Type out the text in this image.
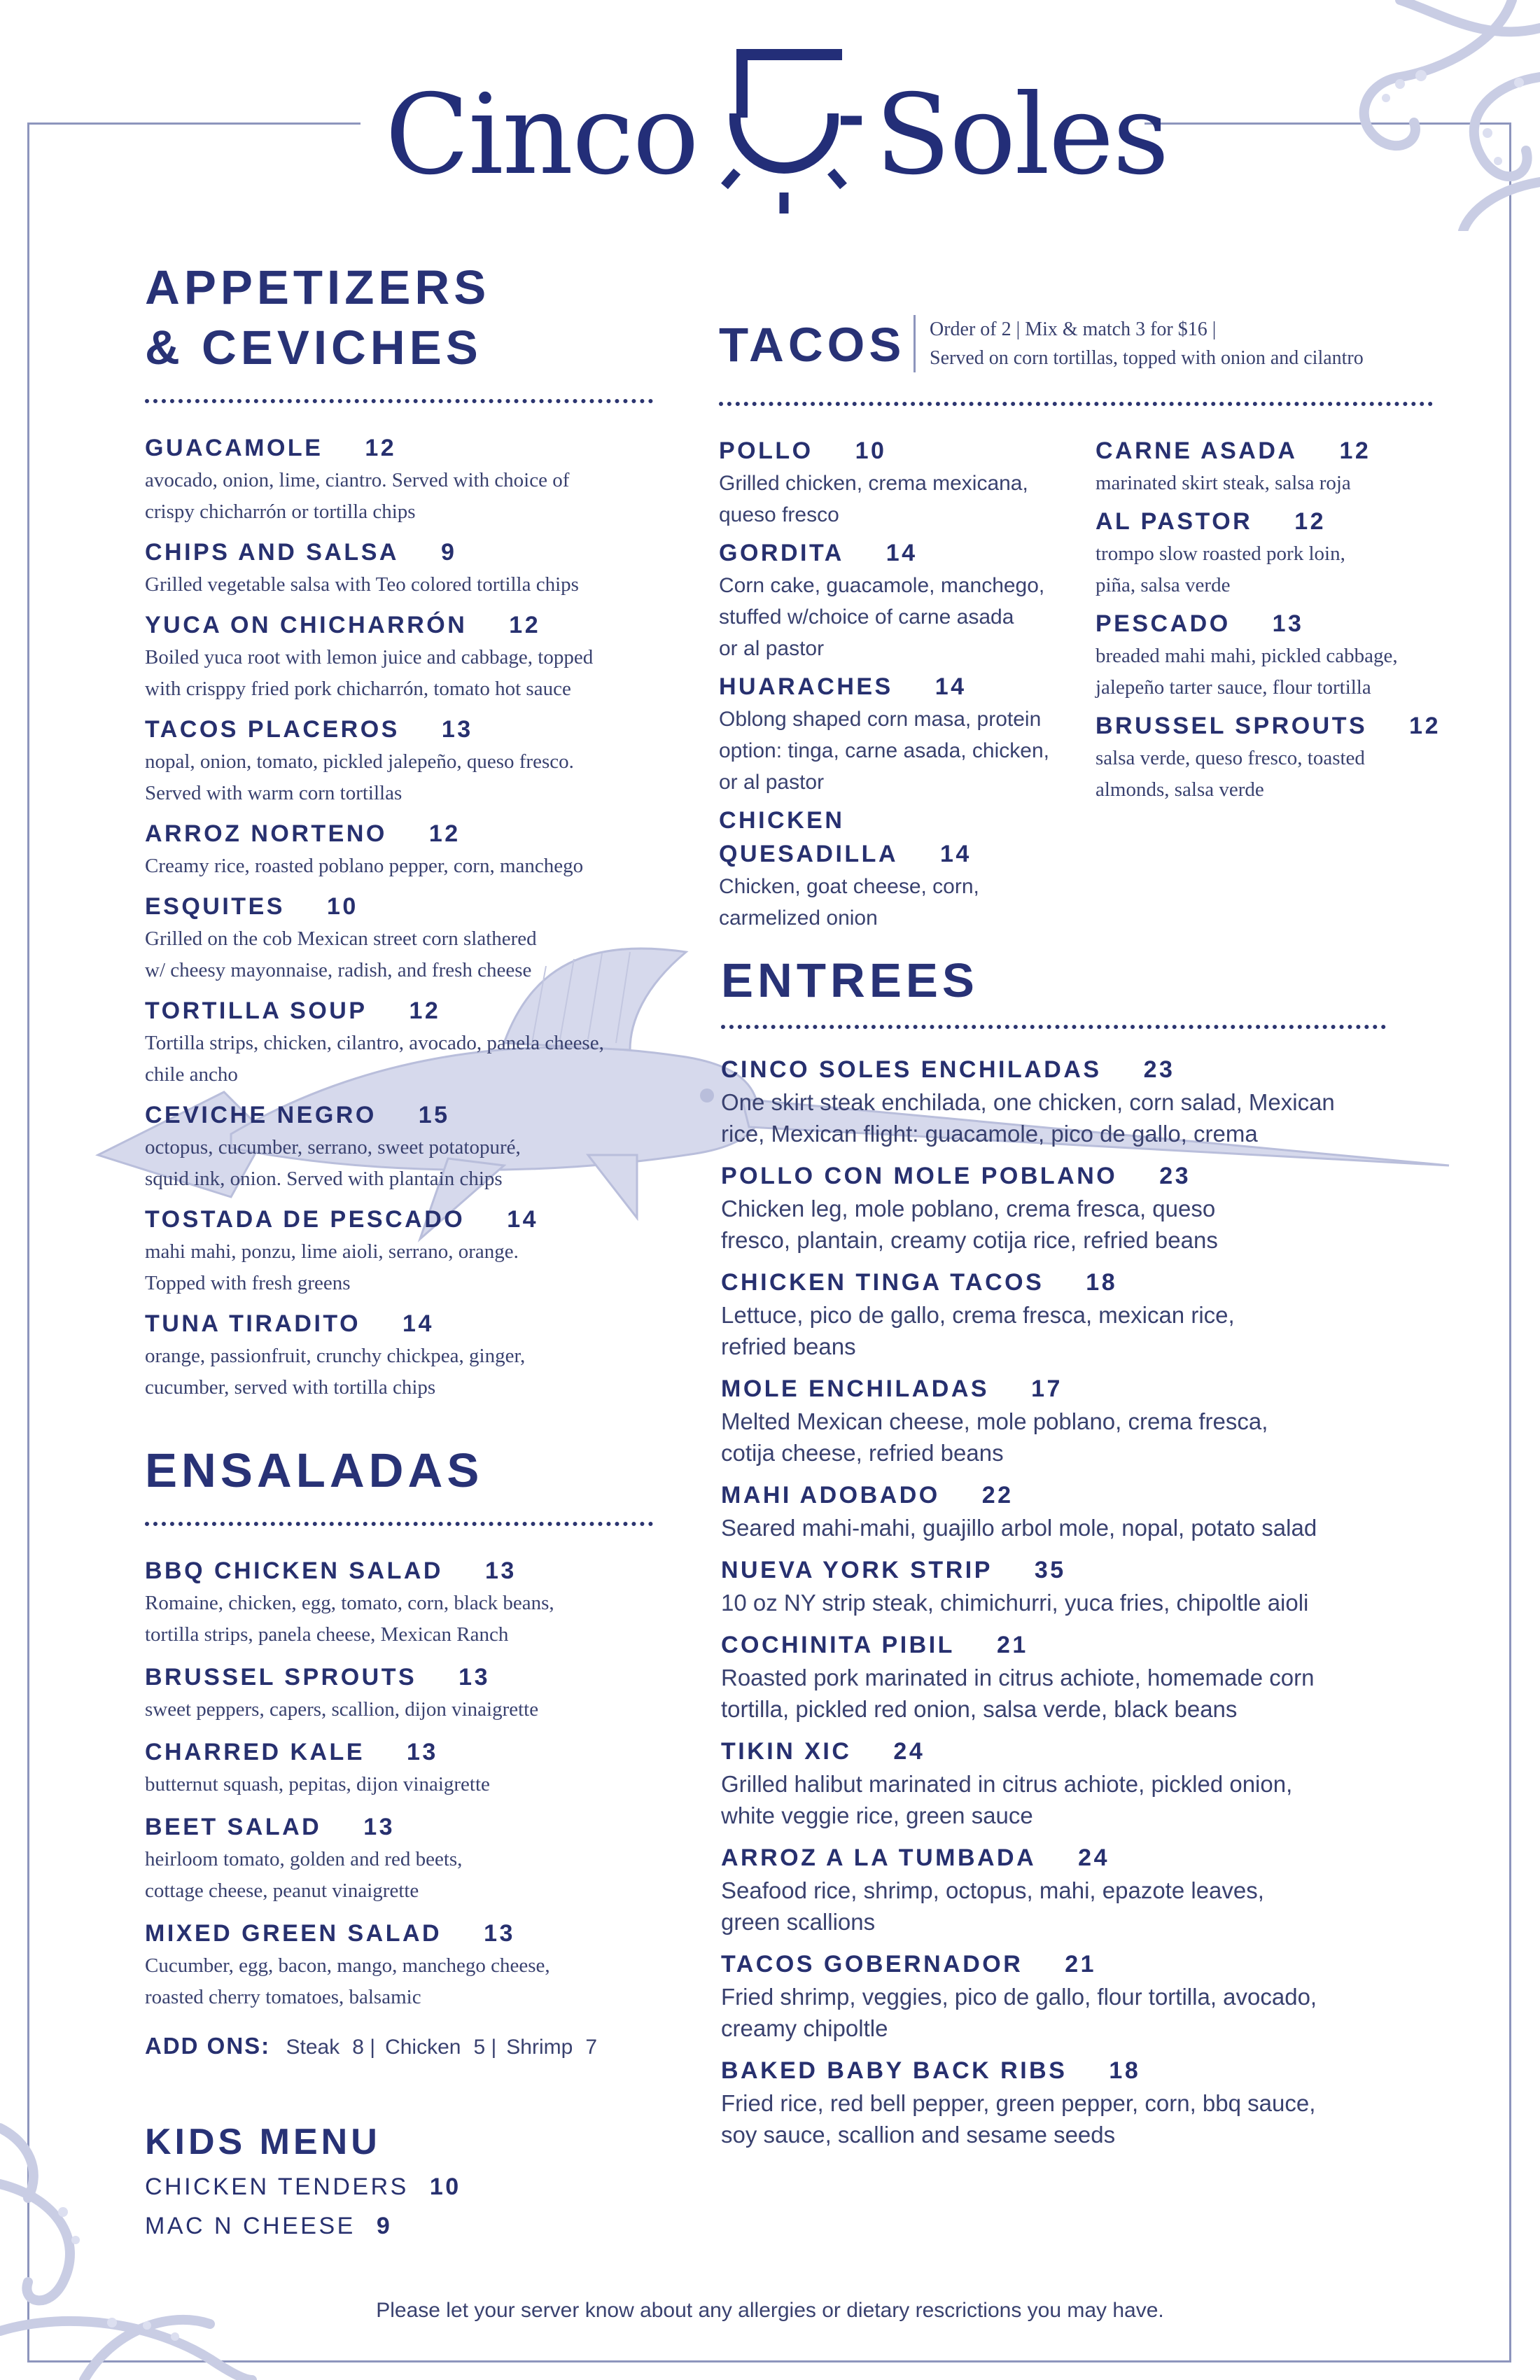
Cinco Soles
APPETIZERS
& CEVICHES
GUACAMOLE 12
avocado, onion, lime, ciantro. Served with choice of
crispy chicharrón or tortilla chips
CHIPS AND SALSA 9
Grilled vegetable salsa with Teo colored tortilla chips
YUCA ON CHICHARRÓN 12
Boiled yuca root with lemon juice and cabbage, topped
with crisppy fried pork chicharrón, tomato hot sauce
TACOS PLACEROS 13
nopal, onion, tomato, pickled jalepeño, queso fresco.
Served with warm corn tortillas
ARROZ NORTENO 12
Creamy rice, roasted poblano pepper, corn, manchego
ESQUITES 10
Grilled on the cob Mexican street corn slathered
w/ cheesy mayonnaise, radish, and fresh cheese
TORTILLA SOUP 12
Tortilla strips, chicken, cilantro, avocado, panela cheese,
chile ancho
CEVICHE NEGRO 15
octopus, cucumber, serrano, sweet potatopuré,
squid ink, onion. Served with plantain chips
TOSTADA DE PESCADO 14
mahi mahi, ponzu, lime aioli, serrano, orange.
Topped with fresh greens
TUNA TIRADITO 14
orange, passionfruit, crunchy chickpea, ginger,
cucumber, served with tortilla chips
ENSALADAS
BBQ CHICKEN SALAD 13
Romaine, chicken, egg, tomato, corn, black beans,
tortilla strips, panela cheese, Mexican Ranch
BRUSSEL SPROUTS 13
sweet peppers, capers, scallion, dijon vinaigrette
CHARRED KALE 13
butternut squash, pepitas, dijon vinaigrette
BEET SALAD 13
heirloom tomato, golden and red beets,
cottage cheese, peanut vinaigrette
MIXED GREEN SALAD 13
Cucumber, egg, bacon, mango, manchego cheese,
roasted cherry tomatoes, balsamic
ADD ONS: Steak 8 | Chicken 5 | Shrimp 7
KIDS MENU
CHICKEN TENDERS 10
MAC N CHEESE 9
TACOS Order of 2 | Mix & match 3 for $16 |
Served on corn tortillas, topped with onion and cilantro
POLLO 10
Grilled chicken, crema mexicana,
queso fresco
GORDITA 14
Corn cake, guacamole, manchego,
stuffed w/choice of carne asada
or al pastor
HUARACHES 14
Oblong shaped corn masa, protein
option: tinga, carne asada, chicken,
or al pastor
CHICKEN QUESADILLA 14
Chicken, goat cheese, corn,
carmelized onion
CARNE ASADA 12
marinated skirt steak, salsa roja
AL PASTOR 12
trompo slow roasted pork loin,
piña, salsa verde
PESCADO 13
breaded mahi mahi, pickled cabbage,
jalepeño tarter sauce, flour tortilla
BRUSSEL SPROUTS 12
salsa verde, queso fresco, toasted
almonds, salsa verde
ENTREES
CINCO SOLES ENCHILADAS 23
One skirt steak enchilada, one chicken, corn salad, Mexican
rice, Mexican flight: guacamole, pico de gallo, crema
POLLO CON MOLE POBLANO 23
Chicken leg, mole poblano, crema fresca, queso
fresco, plantain, creamy cotija rice, refried beans
CHICKEN TINGA TACOS 18
Lettuce, pico de gallo, crema fresca, mexican rice,
refried beans
MOLE ENCHILADAS 17
Melted Mexican cheese, mole poblano, crema fresca,
cotija cheese, refried beans
MAHI ADOBADO 22
Seared mahi-mahi, guajillo arbol mole, nopal, potato salad
NUEVA YORK STRIP 35
10 oz NY strip steak, chimichurri, yuca fries, chipoltle aioli
COCHINITA PIBIL 21
Roasted pork marinated in citrus achiote, homemade corn
tortilla, pickled red onion, salsa verde, black beans
TIKIN XIC 24
Grilled halibut marinated in citrus achiote, pickled onion,
white veggie rice, green sauce
ARROZ A LA TUMBADA 24
Seafood rice, shrimp, octopus, mahi, epazote leaves,
green scallions
TACOS GOBERNADOR 21
Fried shrimp, veggies, pico de gallo, flour tortilla, avocado,
creamy chipoltle
BAKED BABY BACK RIBS 18
Fried rice, red bell pepper, green pepper, corn, bbq sauce,
soy sauce, scallion and sesame seeds
Please let your server know about any allergies or dietary rescrictions you may have.
